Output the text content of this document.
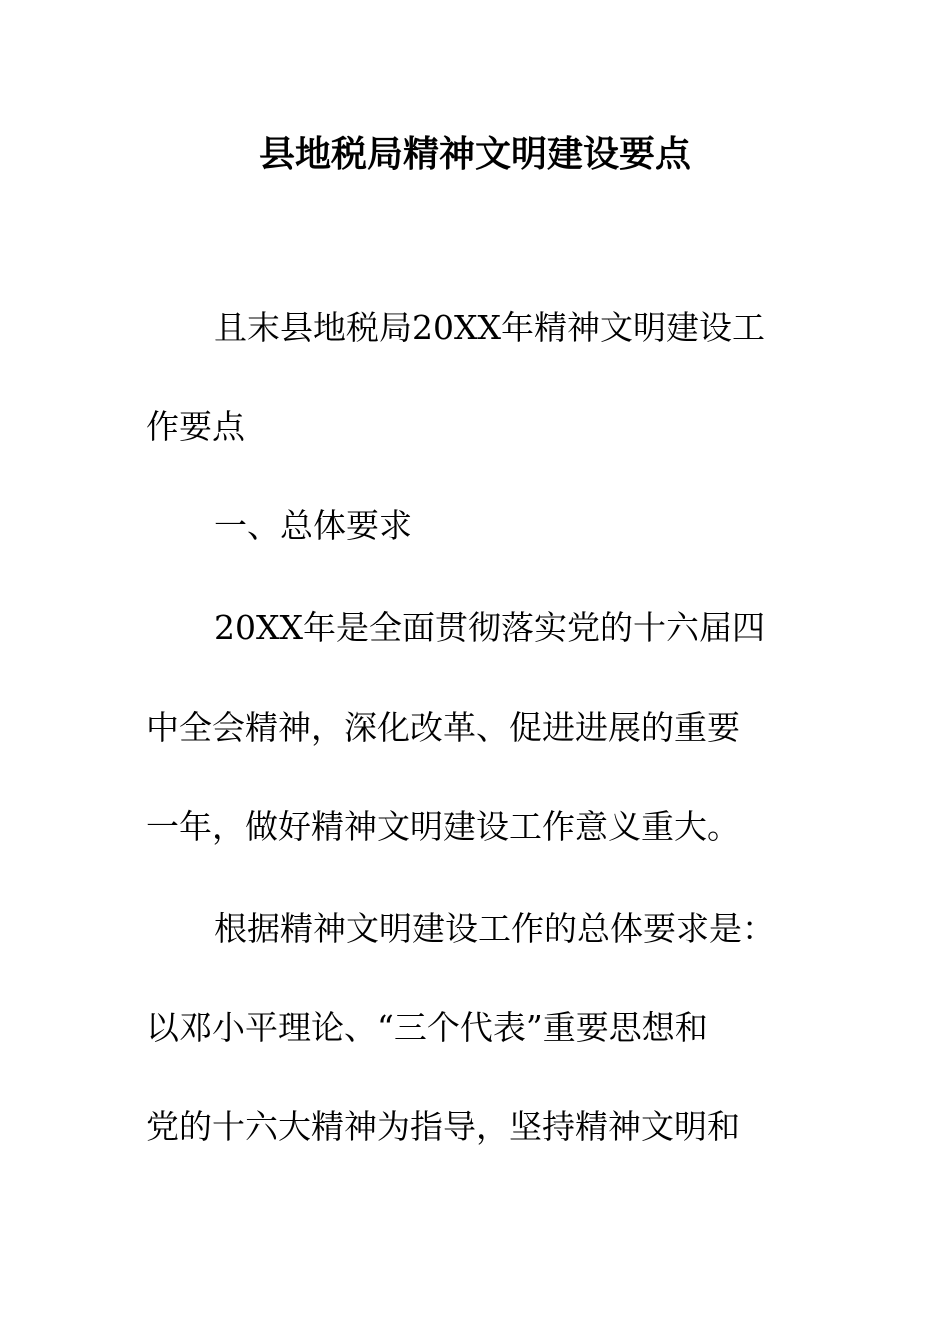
县地税局精神文明建设要点
且末县地税局20XX年精神文明建设工
作要点
一、总体要求
20XX年是全面贯彻落实党的十六届四
中全会精神，深化改革、促进进展的重要
一年，做好精神文明建设工作意义重大。
根据精神文明建设工作的总体要求是：
以邓小平理论、“三个代表”重要思想和
党的十六大精神为指导，坚持精神文明和
